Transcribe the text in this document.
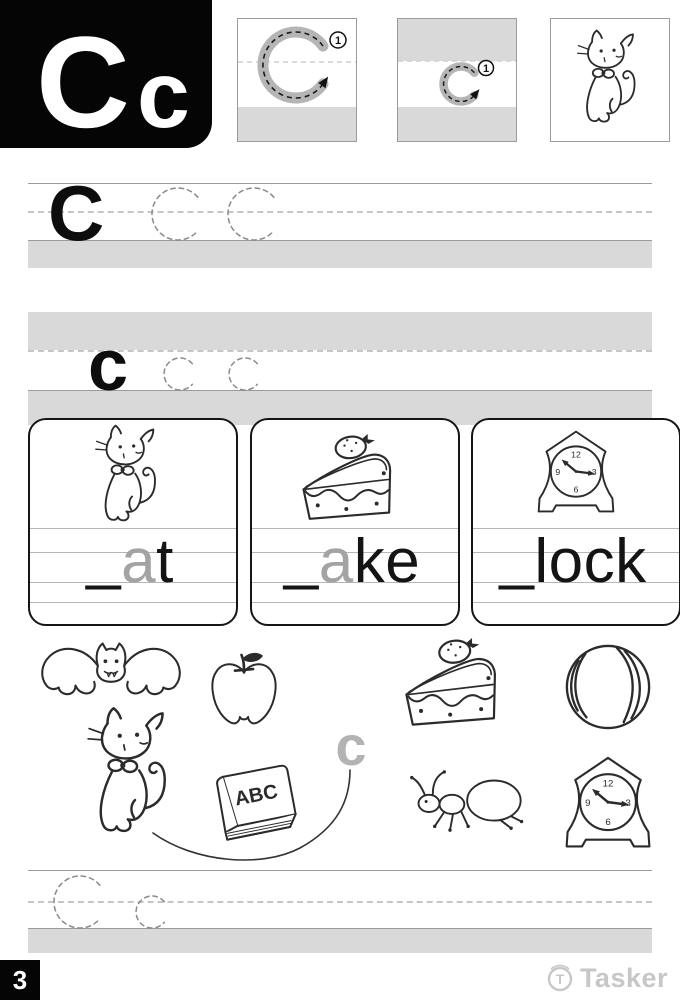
C c
1
1
C
c
_at _ake _lock
c
3	T Tasker
